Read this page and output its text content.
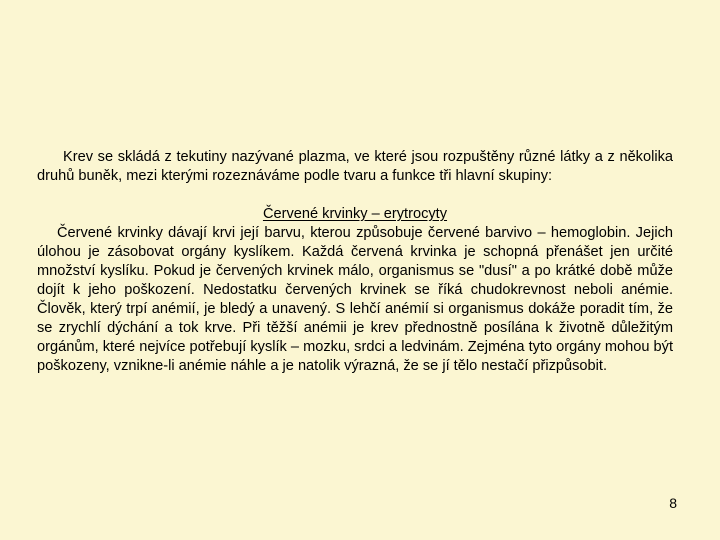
Krev se skládá z tekutiny nazývané plazma, ve které jsou rozpuštěny různé látky a z několika druhů buněk, mezi kterými rozeznáváme podle tvaru a funkce tři hlavní skupiny:

Červené krvinky – erytrocyty

Červené krvinky dávají krvi její barvu, kterou způsobuje červené barvivo – hemoglobin. Jejich úlohou je zásobovat orgány kyslíkem. Každá červená krvinka je schopná přenášet jen určité množství kyslíku. Pokud je červených krvinek málo, organismus se "dusí" a po krátké době může dojít k jeho poškození. Nedostatku červených krvinek se říká chudokrevnost neboli anémie. Člověk, který trpí anémií, je bledý a unavený. S lehčí anémií si organismus dokáže poradit tím, že se zrychlí dýchání a tok krve. Při těžší anémii je krev přednostně posílána k životně důležitým orgánům, které nejvíce potřebují kyslík – mozku, srdci a ledvinám. Zejména tyto orgány mohou být poškozeny, vznikne-li anémie náhle a je natolik výrazná, že se jí tělo nestačí přizpůsobit.

8
